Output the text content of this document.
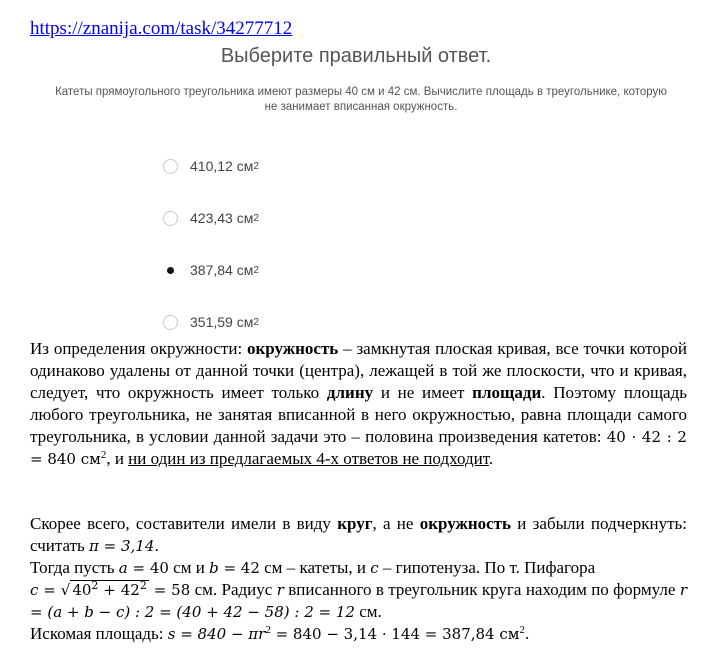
https://znanija.com/task/34277712
Выберите правильный ответ.
Катеты прямоугольного треугольника имеют размеры 40 см и 42 см. Вычислите площадь в треугольнике, которую
не занимает вписанная окружность.
410,12
см 2
423,43
см 2
387,84
см 2
351,59
см 2
Из определения окружности: окружность – замкнутая плоская кривая, все точки которой одинаково удалены от данной точки (центра), лежащей в той же плоскости, что и кривая, следует, что окружность имеет только длину и не имеет площади. Поэтому площадь любого треугольника, не занятая вписанной в него окружностью, равна площади самого треугольника, в условии данной задачи это – половина произведения катетов: 40 · 42 : 2 = 840 $см^2$, и ни один из предлагаемых 4-х ответов не подходит.
Скорее всего, составители имели в виду круг, а не окружность и забыли подчеркнуть: считать π = 3,14.
Тогда пусть a = 40 см и b = 42 см – катеты, и c – гипотенуза. По т. Пифагора
c = √ $40^2 + 42^2 = 58$ см. Радиус r вписанного в треугольник круга находим по формуле r = (a + b − c) : 2 = (40 + 42 − 58) : 2 = 12 см.
Искомая площадь: $s = 840 - \pi r^2 = 840 - 3,14 \cdot 144 = 387,84$ $см^2$.
